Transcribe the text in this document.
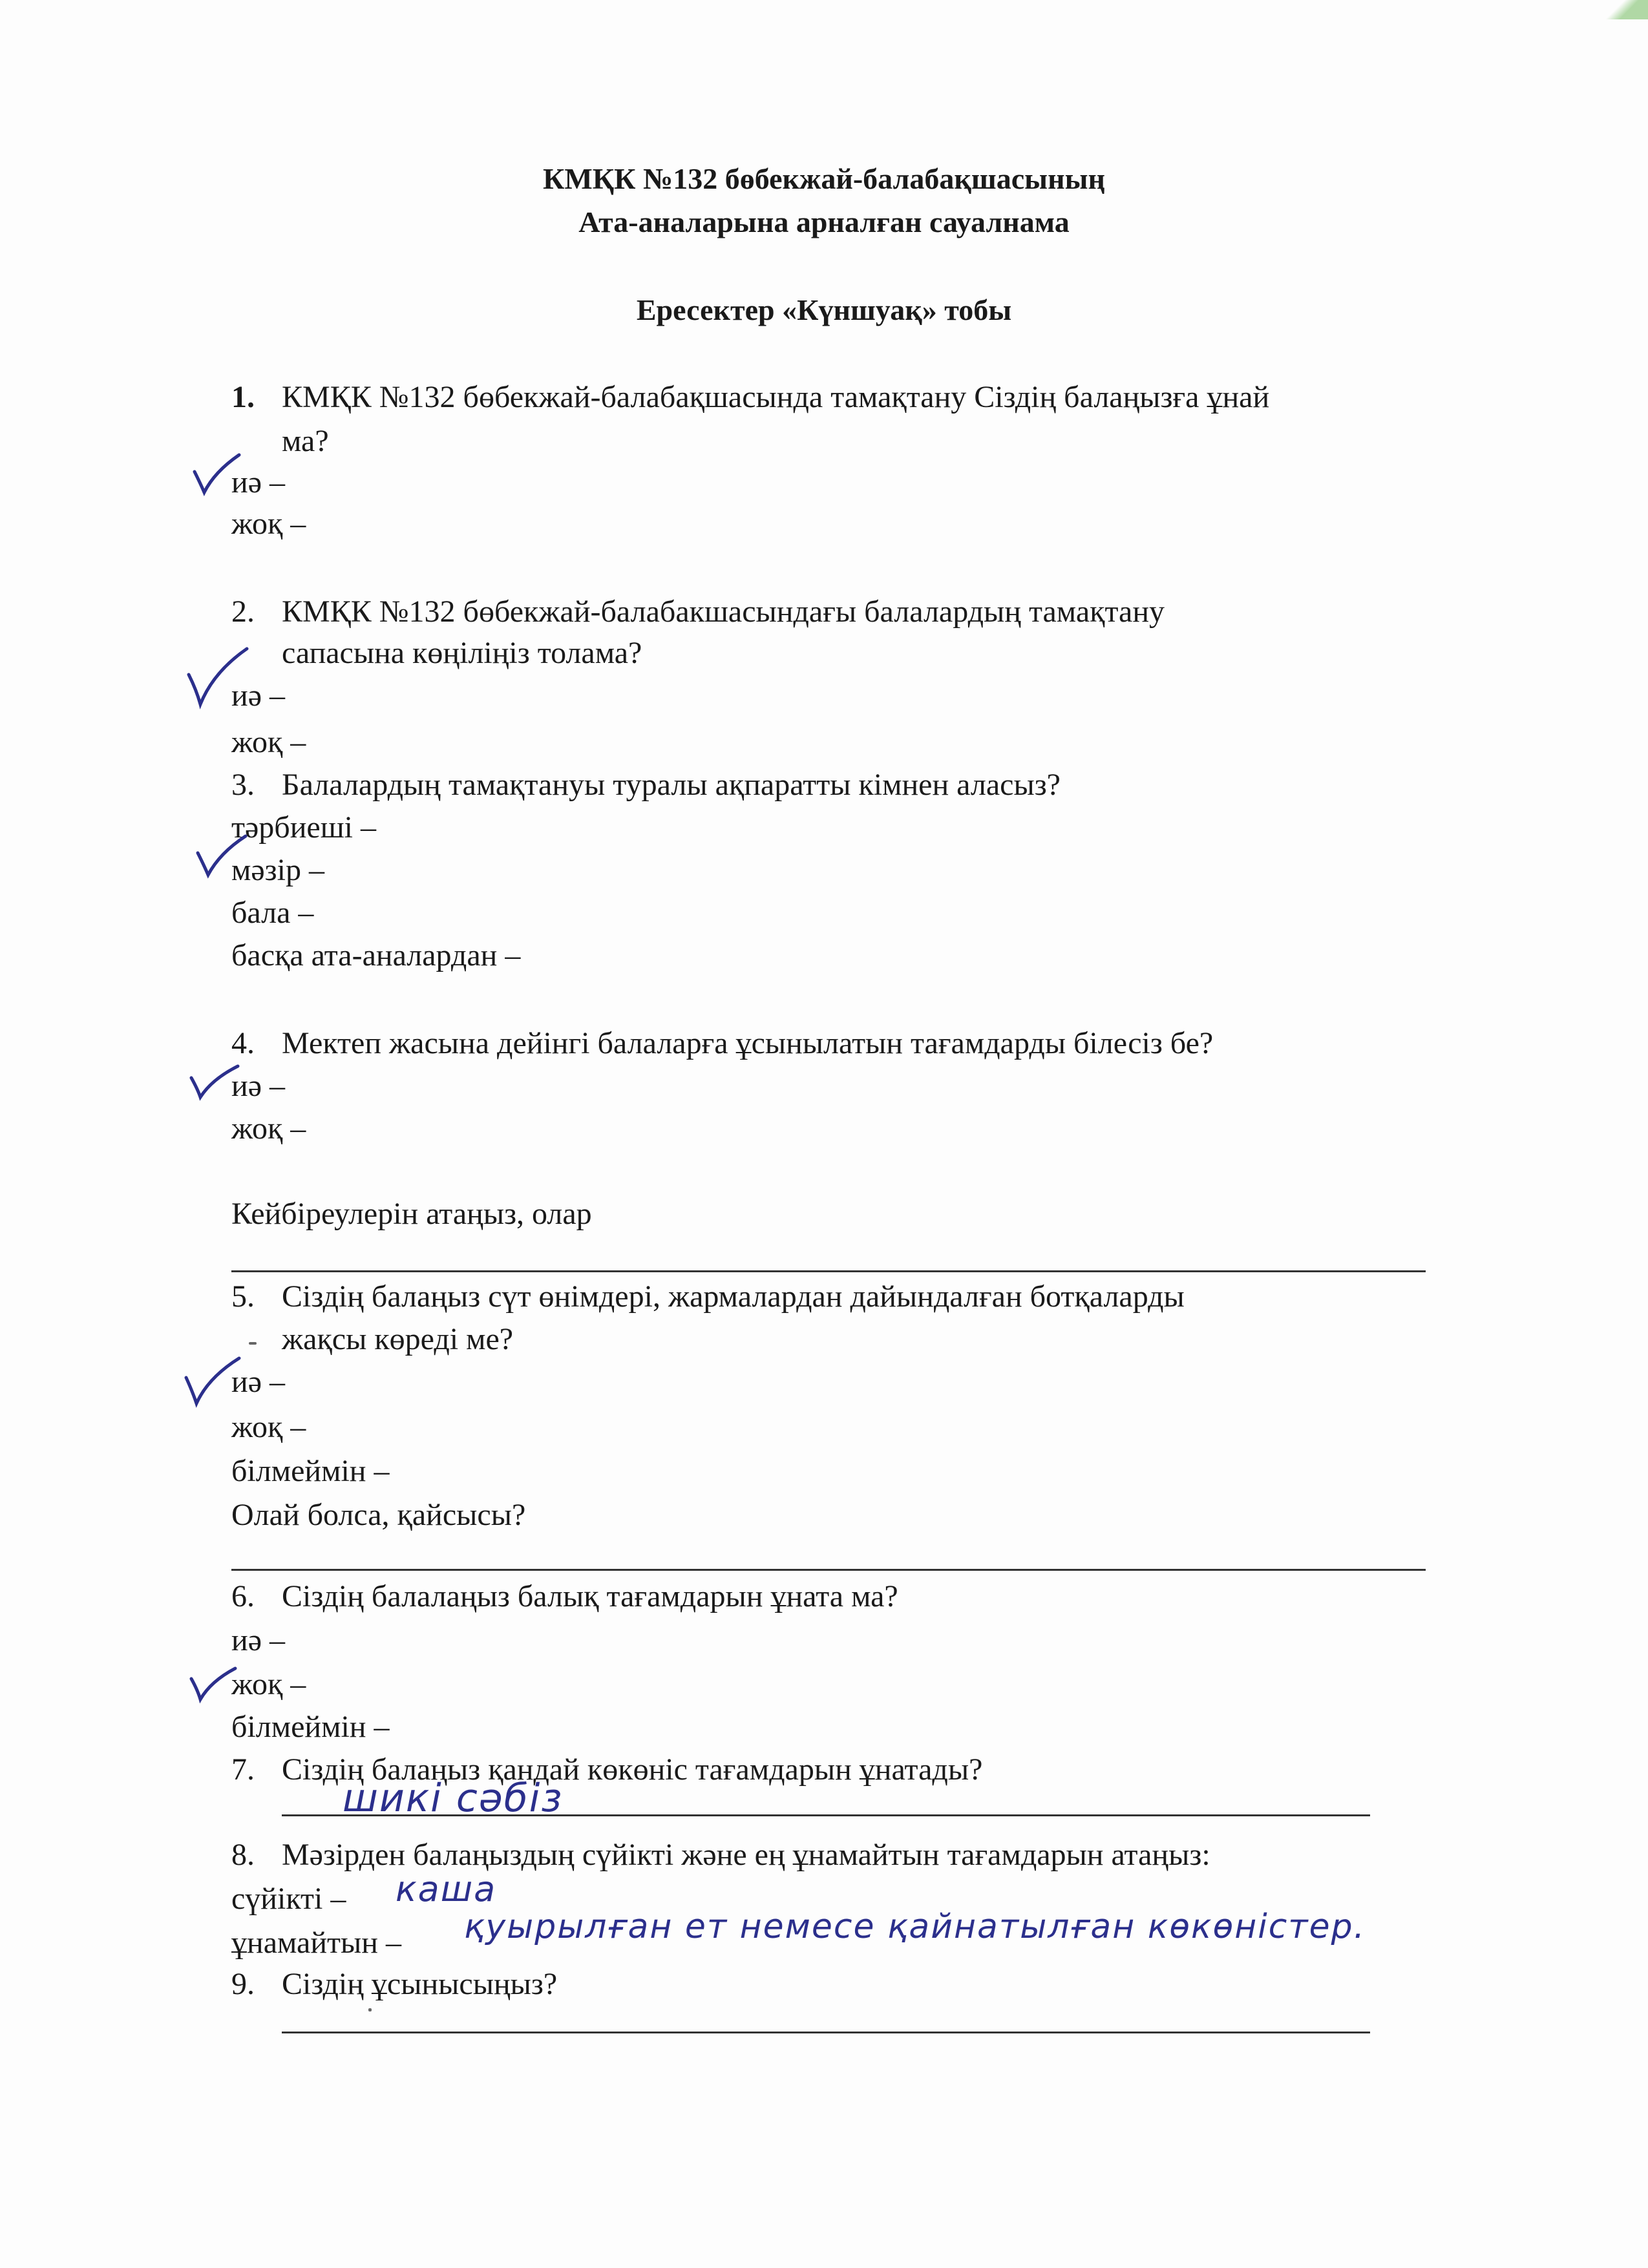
КМҚК №132 бөбекжай-балабақшасының
Ата-аналарына арналған сауалнама
Ересектер «Күншуақ» тобы
1. КМҚК №132 бөбекжай-балабақшасында тамақтану Сіздің балаңызға ұнай
ма?
иә –
жоқ –
2. КМҚК №132 бөбекжай-балабакшасындағы балалардың тамақтану
сапасына көңіліңіз толама?
иә –
жоқ –
3. Балалардың тамақтануы туралы ақпаратты кімнен аласыз?
тәрбиеші –
мәзір –
бала –
басқа ата-аналардан –
4. Мектеп жасына дейінгі балаларға ұсынылатын тағамдарды білесіз бе?
иә –
жоқ –
Кейбіреулерін атаңыз, олар
5. Сіздің балаңыз сүт өнімдері, жармалардан дайындалған ботқаларды
жақсы көреді ме?
иә –
жоқ –
білмеймін –
Олай болса, қайсысы?
6. Сіздің балалаңыз балық тағамдарын ұната ма?
иә –
жоқ –
білмеймін –
7. Сіздің балаңыз қандай көкөніс тағамдарын ұнатады?
шикі сәбіз
8. Мәзірден балаңыздың сүйікті және ең ұнамайтын тағамдарын атаңыз:
сүйікті – каша
ұнамайтын – қуырылған ет немесе қайнатылған көкөністер.
9. Сіздің ұсынысыңыз?
